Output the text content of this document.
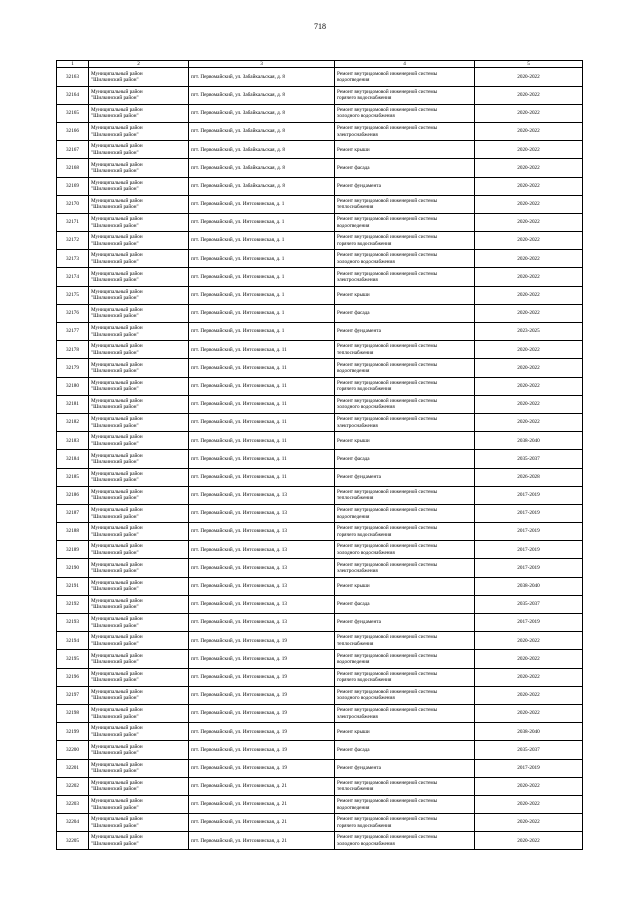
718
1	2	3	4	5

32163	Муниципальный район
"Шилкинский район"	пгт. Первомайский, ул. Забайкальская, д. 8	Ремонт внутридомовой инженерной системы
водоотведения	2020-2022

32164	Муниципальный район
"Шилкинский район"	пгт. Первомайский, ул. Забайкальская, д. 8	Ремонт внутридомовой инженерной системы
горячего водоснабжения	2020-2022

32165	Муниципальный район
"Шилкинский район"	пгт. Первомайский, ул. Забайкальская, д. 8	Ремонт внутридомовой инженерной системы
холодного водоснабжения	2020-2022

32166	Муниципальный район
"Шилкинский район"	пгт. Первомайский, ул. Забайкальская, д. 8	Ремонт внутридомовой инженерной системы
электроснабжения	2020-2022

32167	Муниципальный район
"Шилкинский район"	пгт. Первомайский, ул. Забайкальская, д. 8	Ремонт крыши	2020-2022

32168	Муниципальный район
"Шилкинский район"	пгт. Первомайский, ул. Забайкальская, д. 8	Ремонт фасада	2020-2022

32169	Муниципальный район
"Шилкинский район"	пгт. Первомайский, ул. Забайкальская, д. 8	Ремонт фундамента	2020-2022

32170	Муниципальный район
"Шилкинский район"	пгт. Первомайский, ул. Интсовинская, д. 1	Ремонт внутридомовой инженерной системы
теплоснабжения	2020-2022

32171	Муниципальный район
"Шилкинский район"	пгт. Первомайский, ул. Интсовинская, д. 1	Ремонт внутридомовой инженерной системы
водоотведения	2020-2022

32172	Муниципальный район
"Шилкинский район"	пгт. Первомайский, ул. Интсовинская, д. 1	Ремонт внутридомовой инженерной системы
горячего водоснабжения	2020-2022

32173	Муниципальный район
"Шилкинский район"	пгт. Первомайский, ул. Интсовинская, д. 1	Ремонт внутридомовой инженерной системы
холодного водоснабжения	2020-2022

32174	Муниципальный район
"Шилкинский район"	пгт. Первомайский, ул. Интсовинская, д. 1	Ремонт внутридомовой инженерной системы
электроснабжения	2020-2022

32175	Муниципальный район
"Шилкинский район"	пгт. Первомайский, ул. Интсовинская, д. 1	Ремонт крыши	2020-2022

32176	Муниципальный район
"Шилкинский район"	пгт. Первомайский, ул. Интсовинская, д. 1	Ремонт фасада	2020-2022

32177	Муниципальный район
"Шилкинский район"	пгт. Первомайский, ул. Интсовинская, д. 1	Ремонт фундамента	2023-2025

32178	Муниципальный район
"Шилкинский район"	пгт. Первомайский, ул. Интсовинская, д. 11	Ремонт внутридомовой инженерной системы
теплоснабжения	2020-2022

32179	Муниципальный район
"Шилкинский район"	пгт. Первомайский, ул. Интсовинская, д. 11	Ремонт внутридомовой инженерной системы
водоотведения	2020-2022

32180	Муниципальный район
"Шилкинский район"	пгт. Первомайский, ул. Интсовинская, д. 11	Ремонт внутридомовой инженерной системы
горячего водоснабжения	2020-2022

32181	Муниципальный район
"Шилкинский район"	пгт. Первомайский, ул. Интсовинская, д. 11	Ремонт внутридомовой инженерной системы
холодного водоснабжения	2020-2022

32182	Муниципальный район
"Шилкинский район"	пгт. Первомайский, ул. Интсовинская, д. 11	Ремонт внутридомовой инженерной системы
электроснабжения	2020-2022

32183	Муниципальный район
"Шилкинский район"	пгт. Первомайский, ул. Интсовинская, д. 11	Ремонт крыши	2038-2040

32184	Муниципальный район
"Шилкинский район"	пгт. Первомайский, ул. Интсовинская, д. 11	Ремонт фасада	2035-2037

32185	Муниципальный район
"Шилкинский район"	пгт. Первомайский, ул. Интсовинская, д. 11	Ремонт фундамента	2026-2028

32186	Муниципальный район
"Шилкинский район"	пгт. Первомайский, ул. Интсовинская, д. 13	Ремонт внутридомовой инженерной системы
теплоснабжения	2017-2019

32187	Муниципальный район
"Шилкинский район"	пгт. Первомайский, ул. Интсовинская, д. 13	Ремонт внутридомовой инженерной системы
водоотведения	2017-2019

32188	Муниципальный район
"Шилкинский район"	пгт. Первомайский, ул. Интсовинская, д. 13	Ремонт внутридомовой инженерной системы
горячего водоснабжения	2017-2019

32189	Муниципальный район
"Шилкинский район"	пгт. Первомайский, ул. Интсовинская, д. 13	Ремонт внутридомовой инженерной системы
холодного водоснабжения	2017-2019

32190	Муниципальный район
"Шилкинский район"	пгт. Первомайский, ул. Интсовинская, д. 13	Ремонт внутридомовой инженерной системы
электроснабжения	2017-2019

32191	Муниципальный район
"Шилкинский район"	пгт. Первомайский, ул. Интсовинская, д. 13	Ремонт крыши	2038-2040

32192	Муниципальный район
"Шилкинский район"	пгт. Первомайский, ул. Интсовинская, д. 13	Ремонт фасада	2035-2037

32193	Муниципальный район
"Шилкинский район"	пгт. Первомайский, ул. Интсовинская, д. 13	Ремонт фундамента	2017-2019

32194	Муниципальный район
"Шилкинский район"	пгт. Первомайский, ул. Интсовинская, д. 19	Ремонт внутридомовой инженерной системы
теплоснабжения	2020-2022

32195	Муниципальный район
"Шилкинский район"	пгт. Первомайский, ул. Интсовинская, д. 19	Ремонт внутридомовой инженерной системы
водоотведения	2020-2022

32196	Муниципальный район
"Шилкинский район"	пгт. Первомайский, ул. Интсовинская, д. 19	Ремонт внутридомовой инженерной системы
горячего водоснабжения	2020-2022

32197	Муниципальный район
"Шилкинский район"	пгт. Первомайский, ул. Интсовинская, д. 19	Ремонт внутридомовой инженерной системы
холодного водоснабжения	2020-2022

32198	Муниципальный район
"Шилкинский район"	пгт. Первомайский, ул. Интсовинская, д. 19	Ремонт внутридомовой инженерной системы
электроснабжения	2020-2022

32199	Муниципальный район
"Шилкинский район"	пгт. Первомайский, ул. Интсовинская, д. 19	Ремонт крыши	2038-2040

32200	Муниципальный район
"Шилкинский район"	пгт. Первомайский, ул. Интсовинская, д. 19	Ремонт фасада	2035-2037

32201	Муниципальный район
"Шилкинский район"	пгт. Первомайский, ул. Интсовинская, д. 19	Ремонт фундамента	2017-2019

32202	Муниципальный район
"Шилкинский район"	пгт. Первомайский, ул. Интсовинская, д. 21	Ремонт внутридомовой инженерной системы
теплоснабжения	2020-2022

32203	Муниципальный район
"Шилкинский район"	пгт. Первомайский, ул. Интсовинская, д. 21	Ремонт внутридомовой инженерной системы
водоотведения	2020-2022

32204	Муниципальный район
"Шилкинский район"	пгт. Первомайский, ул. Интсовинская, д. 21	Ремонт внутридомовой инженерной системы
горячего водоснабжения	2020-2022

32205	Муниципальный район
"Шилкинский район"	пгт. Первомайский, ул. Интсовинская, д. 21	Ремонт внутридомовой инженерной системы
холодного водоснабжения	2020-2022
